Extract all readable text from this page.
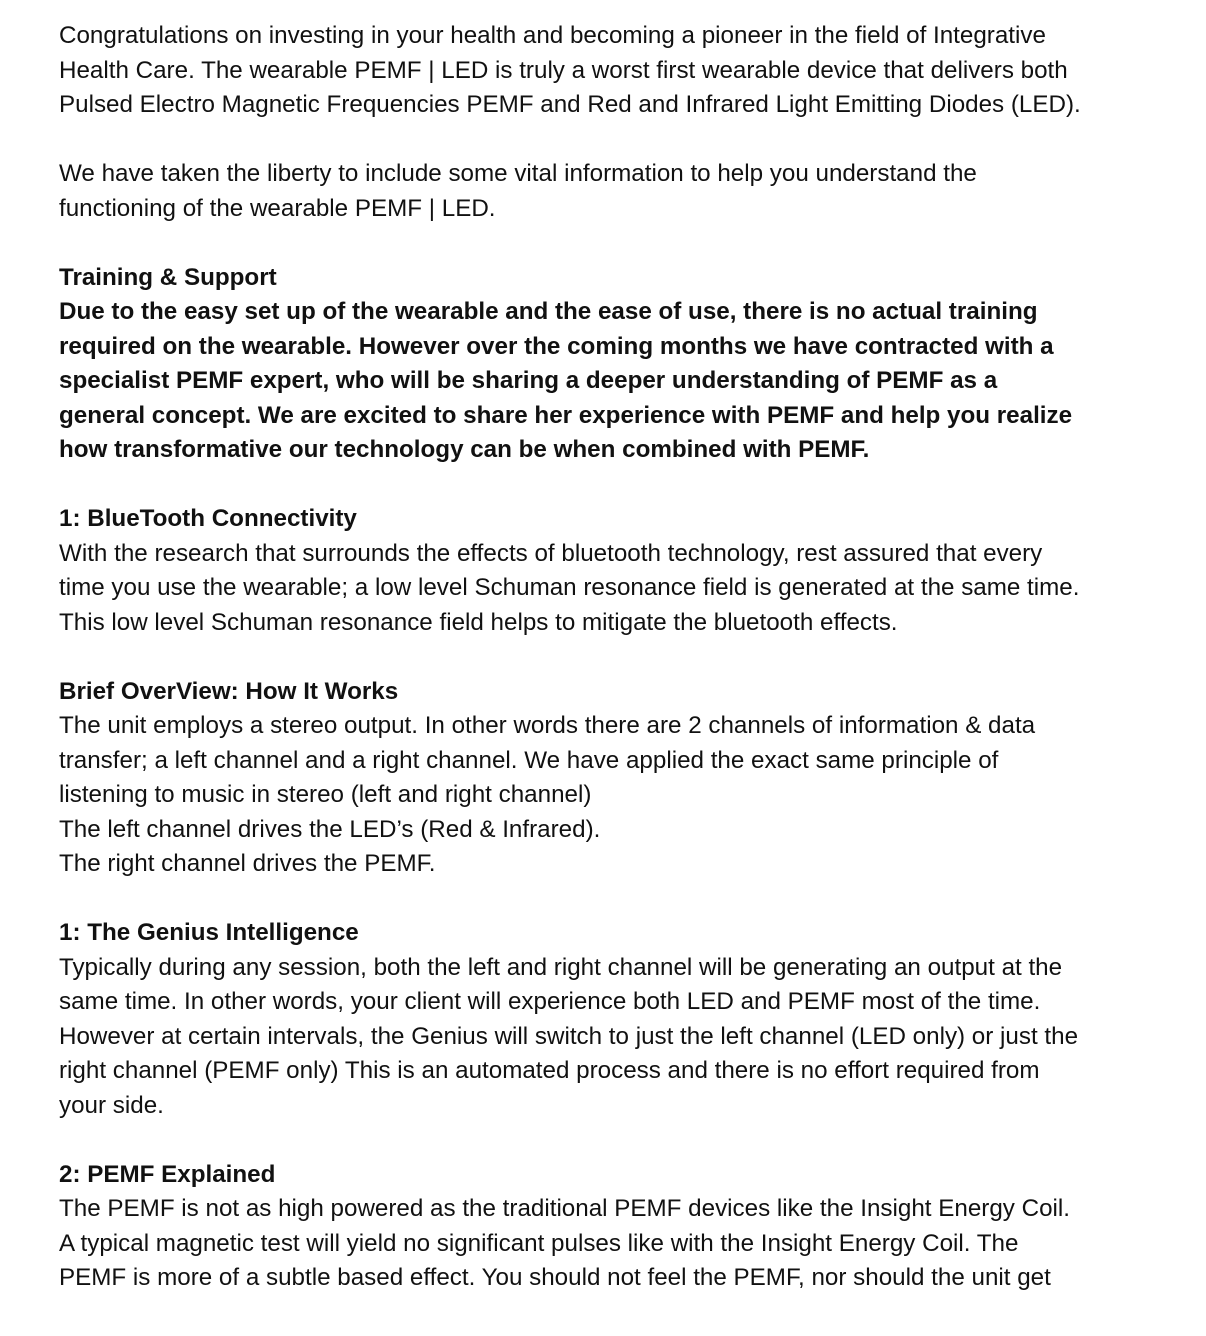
Congratulations on investing in your health and becoming a pioneer in the field of Integrative
Health Care. The wearable PEMF | LED is truly a worst first wearable device that delivers both
Pulsed Electro Magnetic Frequencies PEMF and Red and Infrared Light Emitting Diodes (LED).

We have taken the liberty to include some vital information to help you understand the
functioning of the wearable PEMF | LED.

Training & Support

Due to the easy set up of the wearable and the ease of use, there is no actual training
required on the wearable. However over the coming months we have contracted with a
specialist PEMF expert, who will be sharing a deeper understanding of PEMF as a
general concept. We are excited to share her experience with PEMF and help you realize
how transformative our technology can be when combined with PEMF.

1: BlueTooth Connectivity

With the research that surrounds the effects of bluetooth technology, rest assured that every
time you use the wearable; a low level Schuman resonance field is generated at the same time.
This low level Schuman resonance field helps to mitigate the bluetooth effects.

Brief OverView: How It Works

The unit employs a stereo output. In other words there are 2 channels of information & data
transfer; a left channel and a right channel. We have applied the exact same principle of
listening to music in stereo (left and right channel)
The left channel drives the LED’s (Red & Infrared).
The right channel drives the PEMF.

1: The Genius Intelligence

Typically during any session, both the left and right channel will be generating an output at the
same time. In other words, your client will experience both LED and PEMF most of the time.
However at certain intervals, the Genius will switch to just the left channel (LED only) or just the
right channel (PEMF only) This is an automated process and there is no effort required from
your side.

2: PEMF Explained

The PEMF is not as high powered as the traditional PEMF devices like the Insight Energy Coil.
A typical magnetic test will yield no significant pulses like with the Insight Energy Coil. The
PEMF is more of a subtle based effect. You should not feel the PEMF, nor should the unit get
